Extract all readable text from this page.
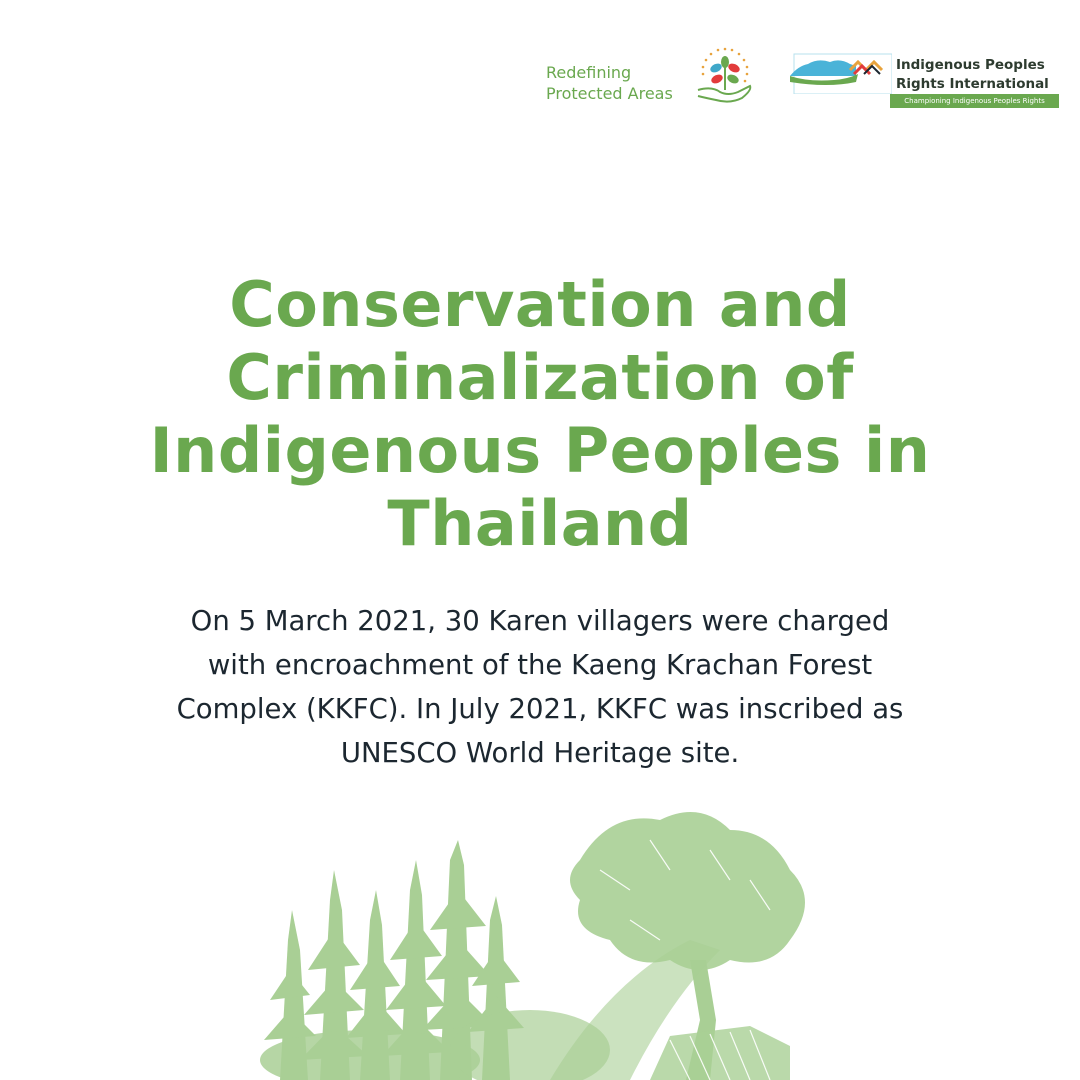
Redefining
Protected Areas
Indigenous Peoples
Rights International
Championing Indigenous Peoples Rights
Conservation and
Criminalization of
Indigenous Peoples in
Thailand

On 5 March 2021, 30 Karen villagers were charged
with encroachment of the Kaeng Krachan Forest
Complex (KKFC). In July 2021, KKFC was inscribed as
UNESCO World Heritage site.
